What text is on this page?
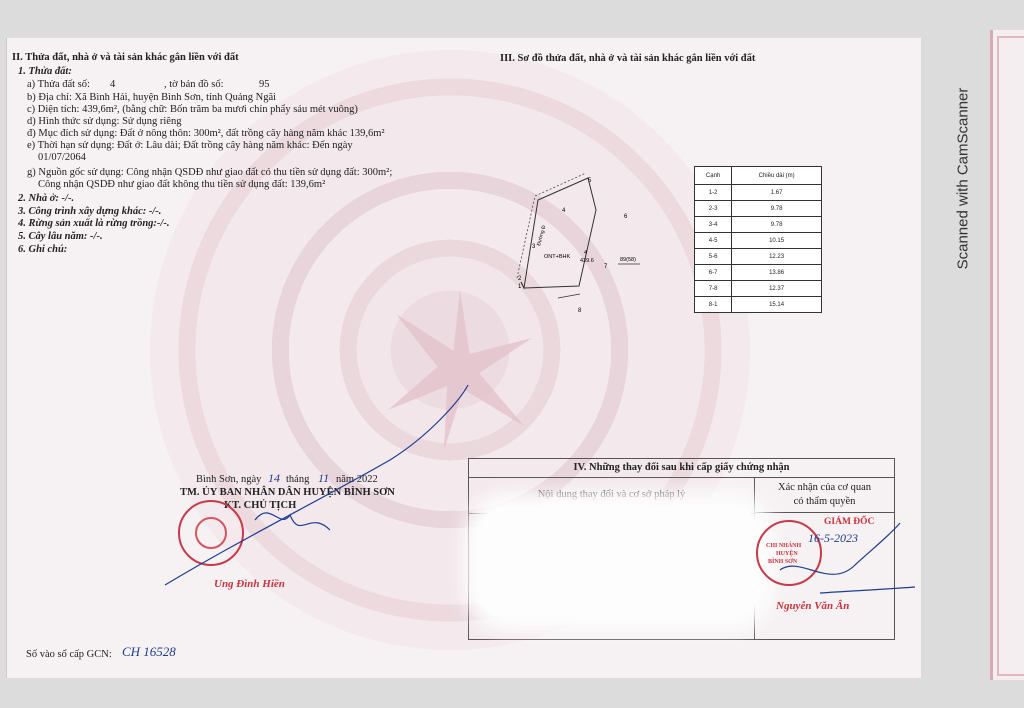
Scanned with CamScanner
II. Thửa đất, nhà ở và tài sản khác gắn liền với đất
1. Thửa đất:
a) Thửa đất số: 4	, tờ bản đồ số:	95
b) Địa chỉ: Xã Bình Hải, huyện Bình Sơn, tỉnh Quảng Ngãi
c) Diện tích: 439,6m², (bằng chữ: Bốn trăm ba mươi chín phẩy sáu mét vuông)
d) Hình thức sử dụng: Sử dụng riêng
đ) Mục đích sử dụng: Đất ở nông thôn: 300m², đất trồng cây hàng năm khác 139,6m²
e) Thời hạn sử dụng: Đất ở: Lâu dài; Đất trồng cây hàng năm khác: Đến ngày
01/07/2064
g) Nguồn gốc sử dụng: Công nhận QSDĐ như giao đất có thu tiền sử dụng đất: 300m²;
Công nhận QSDĐ như giao đất không thu tiền sử dụng đất: 139,6m²
2. Nhà ở: -/-.
3. Công trình xây dựng khác: -/-.
4. Rừng sản xuất là rừng trồng:-/-.
5. Cây lâu năm: -/-.
6. Ghi chú:
III. Sơ đồ thửa đất, nhà ở và tài sản khác gắn liền với đất
1
2
3
4
5
6
7
8
ONT+BHK
4
439.6	89(58)
Đường Đ
Cạnh	Chiều dài (m)
1-2	1.67
2-3	9.78
3-4	9.78
4-5	10.15
5-6	12.23
6-7	13.86
7-8	12.37
8-1	15.14
Bình Sơn, ngày 14 tháng 11 năm 2022
TM. ỦY BAN NHÂN DÂN HUYỆN BÌNH SƠN
KT. CHỦ TỊCH
Ung Đình Hiền
Số vào sổ cấp GCN: CH 16528
IV. Những thay đổi sau khi cấp giấy chứng nhận
Nội dung thay đổi và cơ sở pháp lý
Xác nhận của cơ quan
có thẩm quyền
GIÁM ĐỐC
CHI NHÁNH
HUYỆN
BÌNH SƠN
16-5-2023
Nguyễn Văn Ân
